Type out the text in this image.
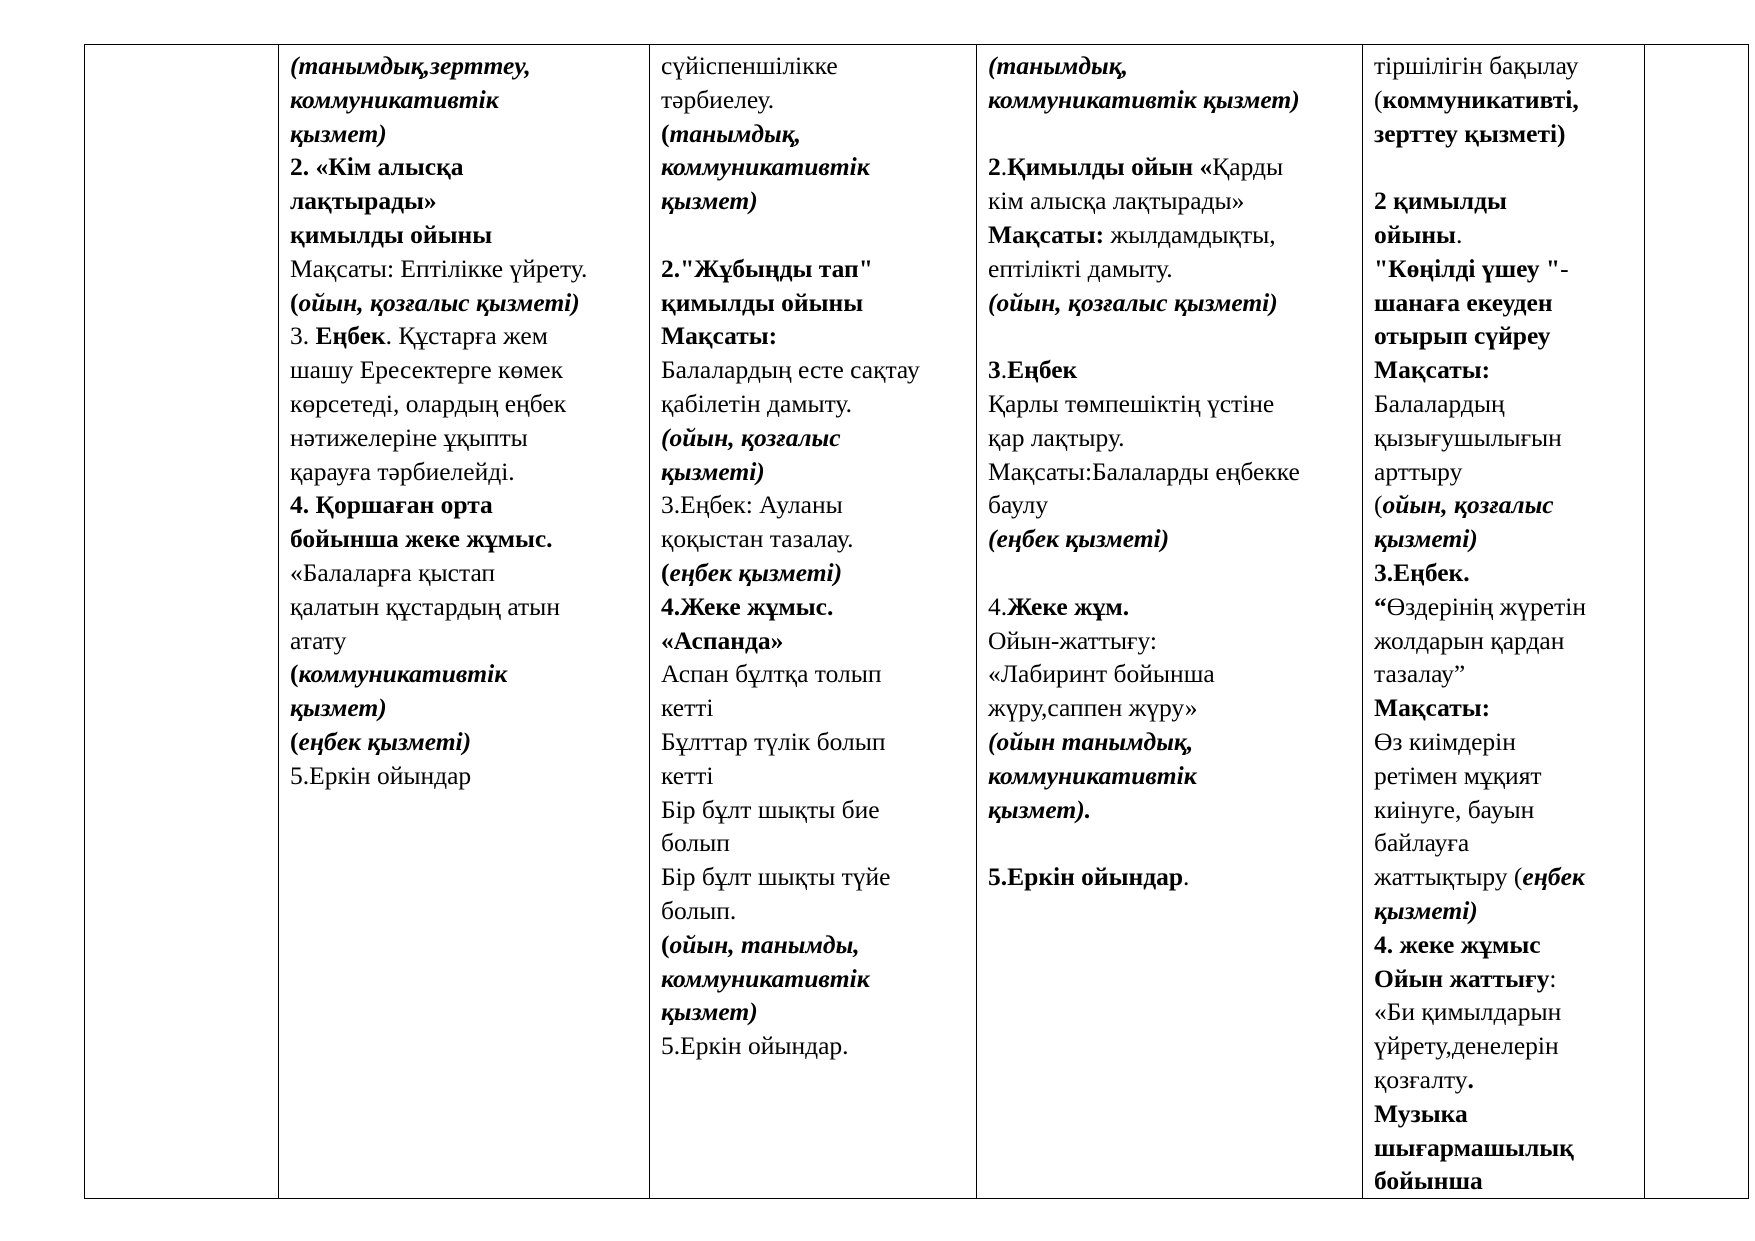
(танымдық,зерттеу,
коммуникативтік
қызмет)
2. «Кім алысқа
лақтырады»
қимылды ойыны
Мақсаты: Ептілікке үйрету.
(ойын, қозғалыс қызметі)
3. Еңбек. Құстарға жем
шашу Ересектерге көмек
көрсетеді, олардың еңбек
нәтижелеріне ұқыпты
қарауға тәрбиелейді.
4. Қоршаған орта
бойынша жеке жұмыс.
«Балаларға қыстап
қалатын құстардың атын
атату
(коммуникативтік
қызмет)
(еңбек қызметі)
5.Еркін ойындар

сүйіспеншілікке
тәрбиелеу.
(танымдық,
коммуникативтік
қызмет)

2."Жұбыңды тап"
қимылды ойыны
Мақсаты:
Балалардың есте сақтау
қабілетін дамыту.
(ойын, қозғалыс
қызметі)
3.Еңбек: Ауланы
қоқыстан тазалау.
(еңбек қызметі)
4.Жеке жұмыс.
«Аспанда»
Аспан бұлтқа толып
кетті
Бұлттар түлік болып
кетті
Бір бұлт шықты бие
болып
Бір бұлт шықты түйе
болып.
(ойын, танымды,
коммуникативтік
қызмет)
5.Еркін ойындар.

(танымдық,
коммуникативтік қызмет)

2.Қимылды ойын «Қарды
кім алысқа лақтырады»
Мақсаты: жылдамдықты,
ептілікті дамыту.
(ойын, қозғалыс қызметі)

3.Еңбек
Қарлы төмпешіктің үстіне
қар лақтыру.
Мақсаты:Балаларды еңбекке
баулу
(еңбек қызметі)

4.Жеке жұм.
Ойын-жаттығу:
«Лабиринт бойынша
жүру,саппен жүру»
(ойын танымдық,
коммуникативтік
қызмет).

5.Еркін ойындар.

тіршілігін бақылау
(коммуникативті,
зерттеу қызметі)

2 қимылды
ойыны.
"Көңілді үшеу "-
шанаға екеуден
отырып сүйреу
Мақсаты:
Балалардың
қызығушылығын
арттыру
(ойын, қозғалыс
қызметі)
3.Еңбек.
“Өздерінің жүретін
жолдарын қардан
тазалау”
Мақсаты:
Өз киімдерін
ретімен мұқият
киінуге, бауын
байлауға
жаттықтыру (еңбек
қызметі)
4. жеке жұмыс
Ойын жаттығу:
«Би қимылдарын
үйрету,денелерін
қозғалту.
Музыка
шығармашылық
бойынша
